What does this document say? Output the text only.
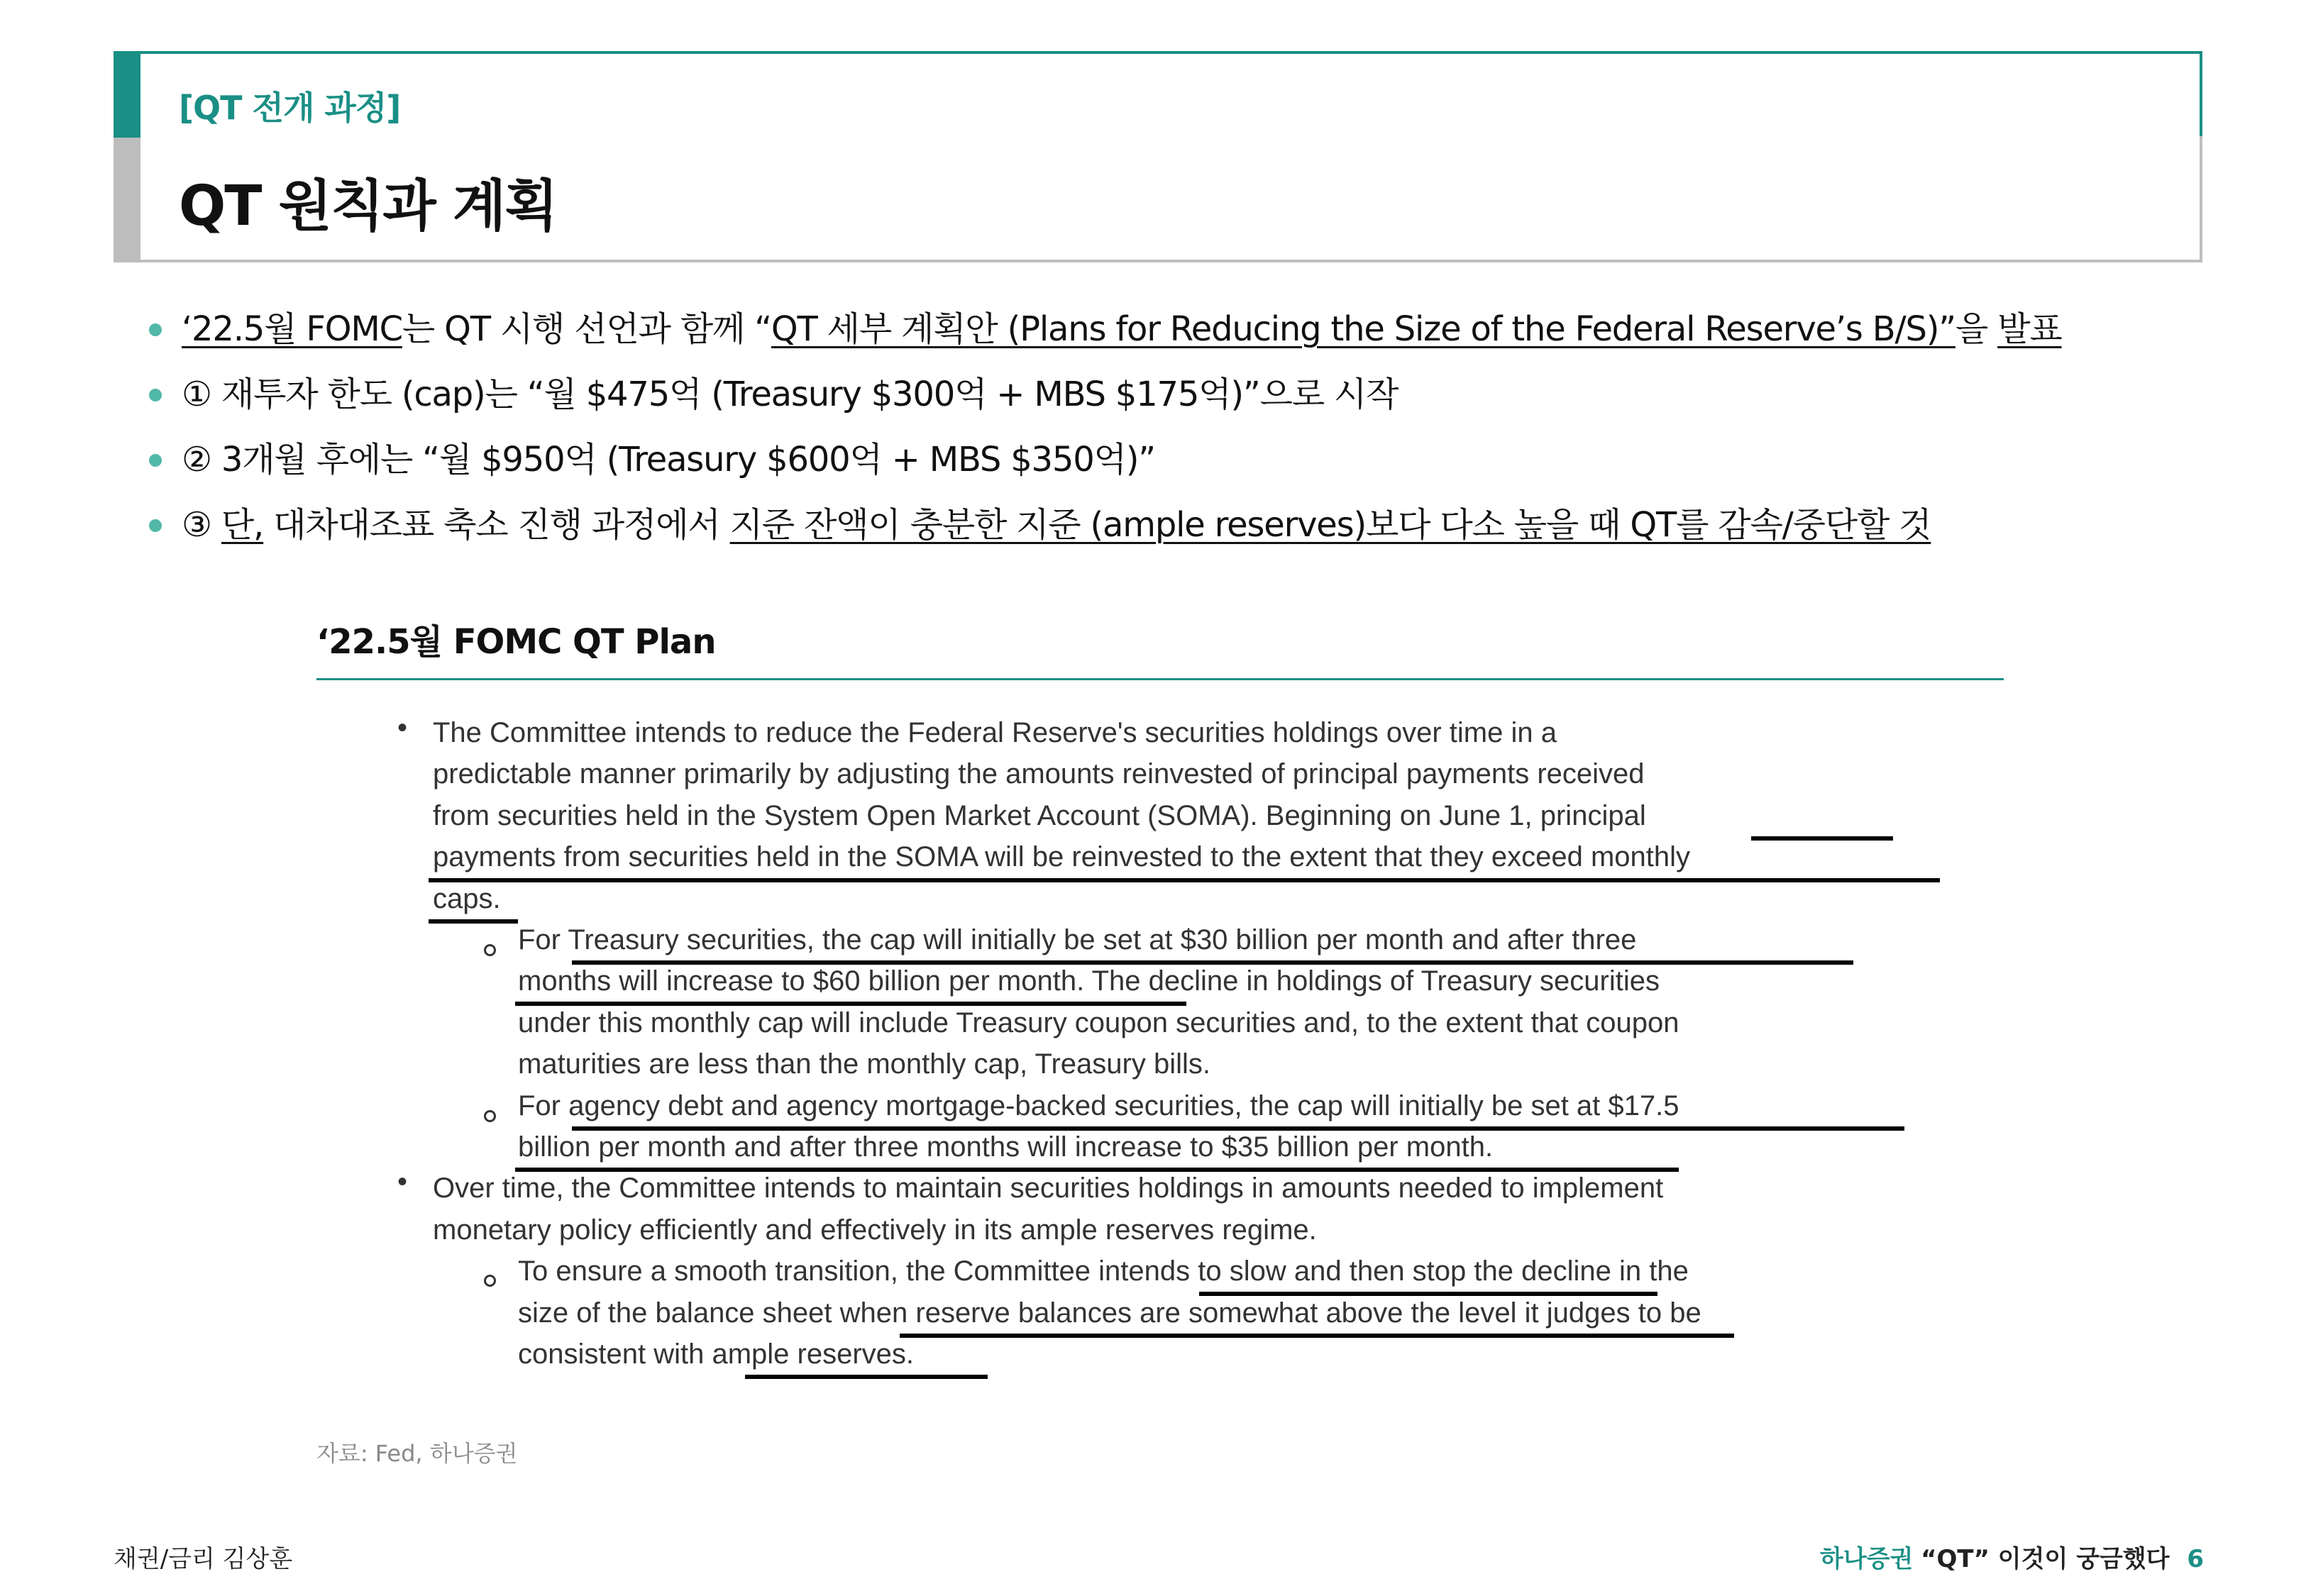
[QT 전개 과정]
QT 원칙과 계획
‘22.5월 FOMC는 QT 시행 선언과 함께 “QT 세부 계획안 (Plans for Reducing the Size of the Federal Reserve’s B/S)”을 발표
① 재투자 한도 (cap)는 “월 $475억 (Treasury $300억 + MBS $175억)”으로 시작
② 3개월 후에는 “월 $950억 (Treasury $600억 + MBS $350억)”
③ 단, 대차대조표 축소 진행 과정에서 지준 잔액이 충분한 지준 (ample reserves)보다 다소 높을 때 QT를 감속/중단할 것
‘22.5월 FOMC QT Plan
•
•
The Committee intends to reduce the Federal Reserve's securities holdings over time in a
predictable manner primarily by adjusting the amounts reinvested of principal payments received
from securities held in the System Open Market Account (SOMA). Beginning on June 1, principal
payments from securities held in the SOMA will be reinvested to the extent that they exceed monthly
caps.
For Treasury securities, the cap will initially be set at $30 billion per month and after three
months will increase to $60 billion per month. The decline in holdings of Treasury securities
under this monthly cap will include Treasury coupon securities and, to the extent that coupon
maturities are less than the monthly cap, Treasury bills.
For agency debt and agency mortgage-backed securities, the cap will initially be set at $17.5
billion per month and after three months will increase to $35 billion per month.
Over time, the Committee intends to maintain securities holdings in amounts needed to implement
monetary policy efficiently and effectively in its ample reserves regime.
To ensure a smooth transition, the Committee intends to slow and then stop the decline in the
size of the balance sheet when reserve balances are somewhat above the level it judges to be
consistent with ample reserves.
자료: Fed, 하나증권
채권/금리 김상훈	하나증권 “QT” 이것이 궁금했다 6
